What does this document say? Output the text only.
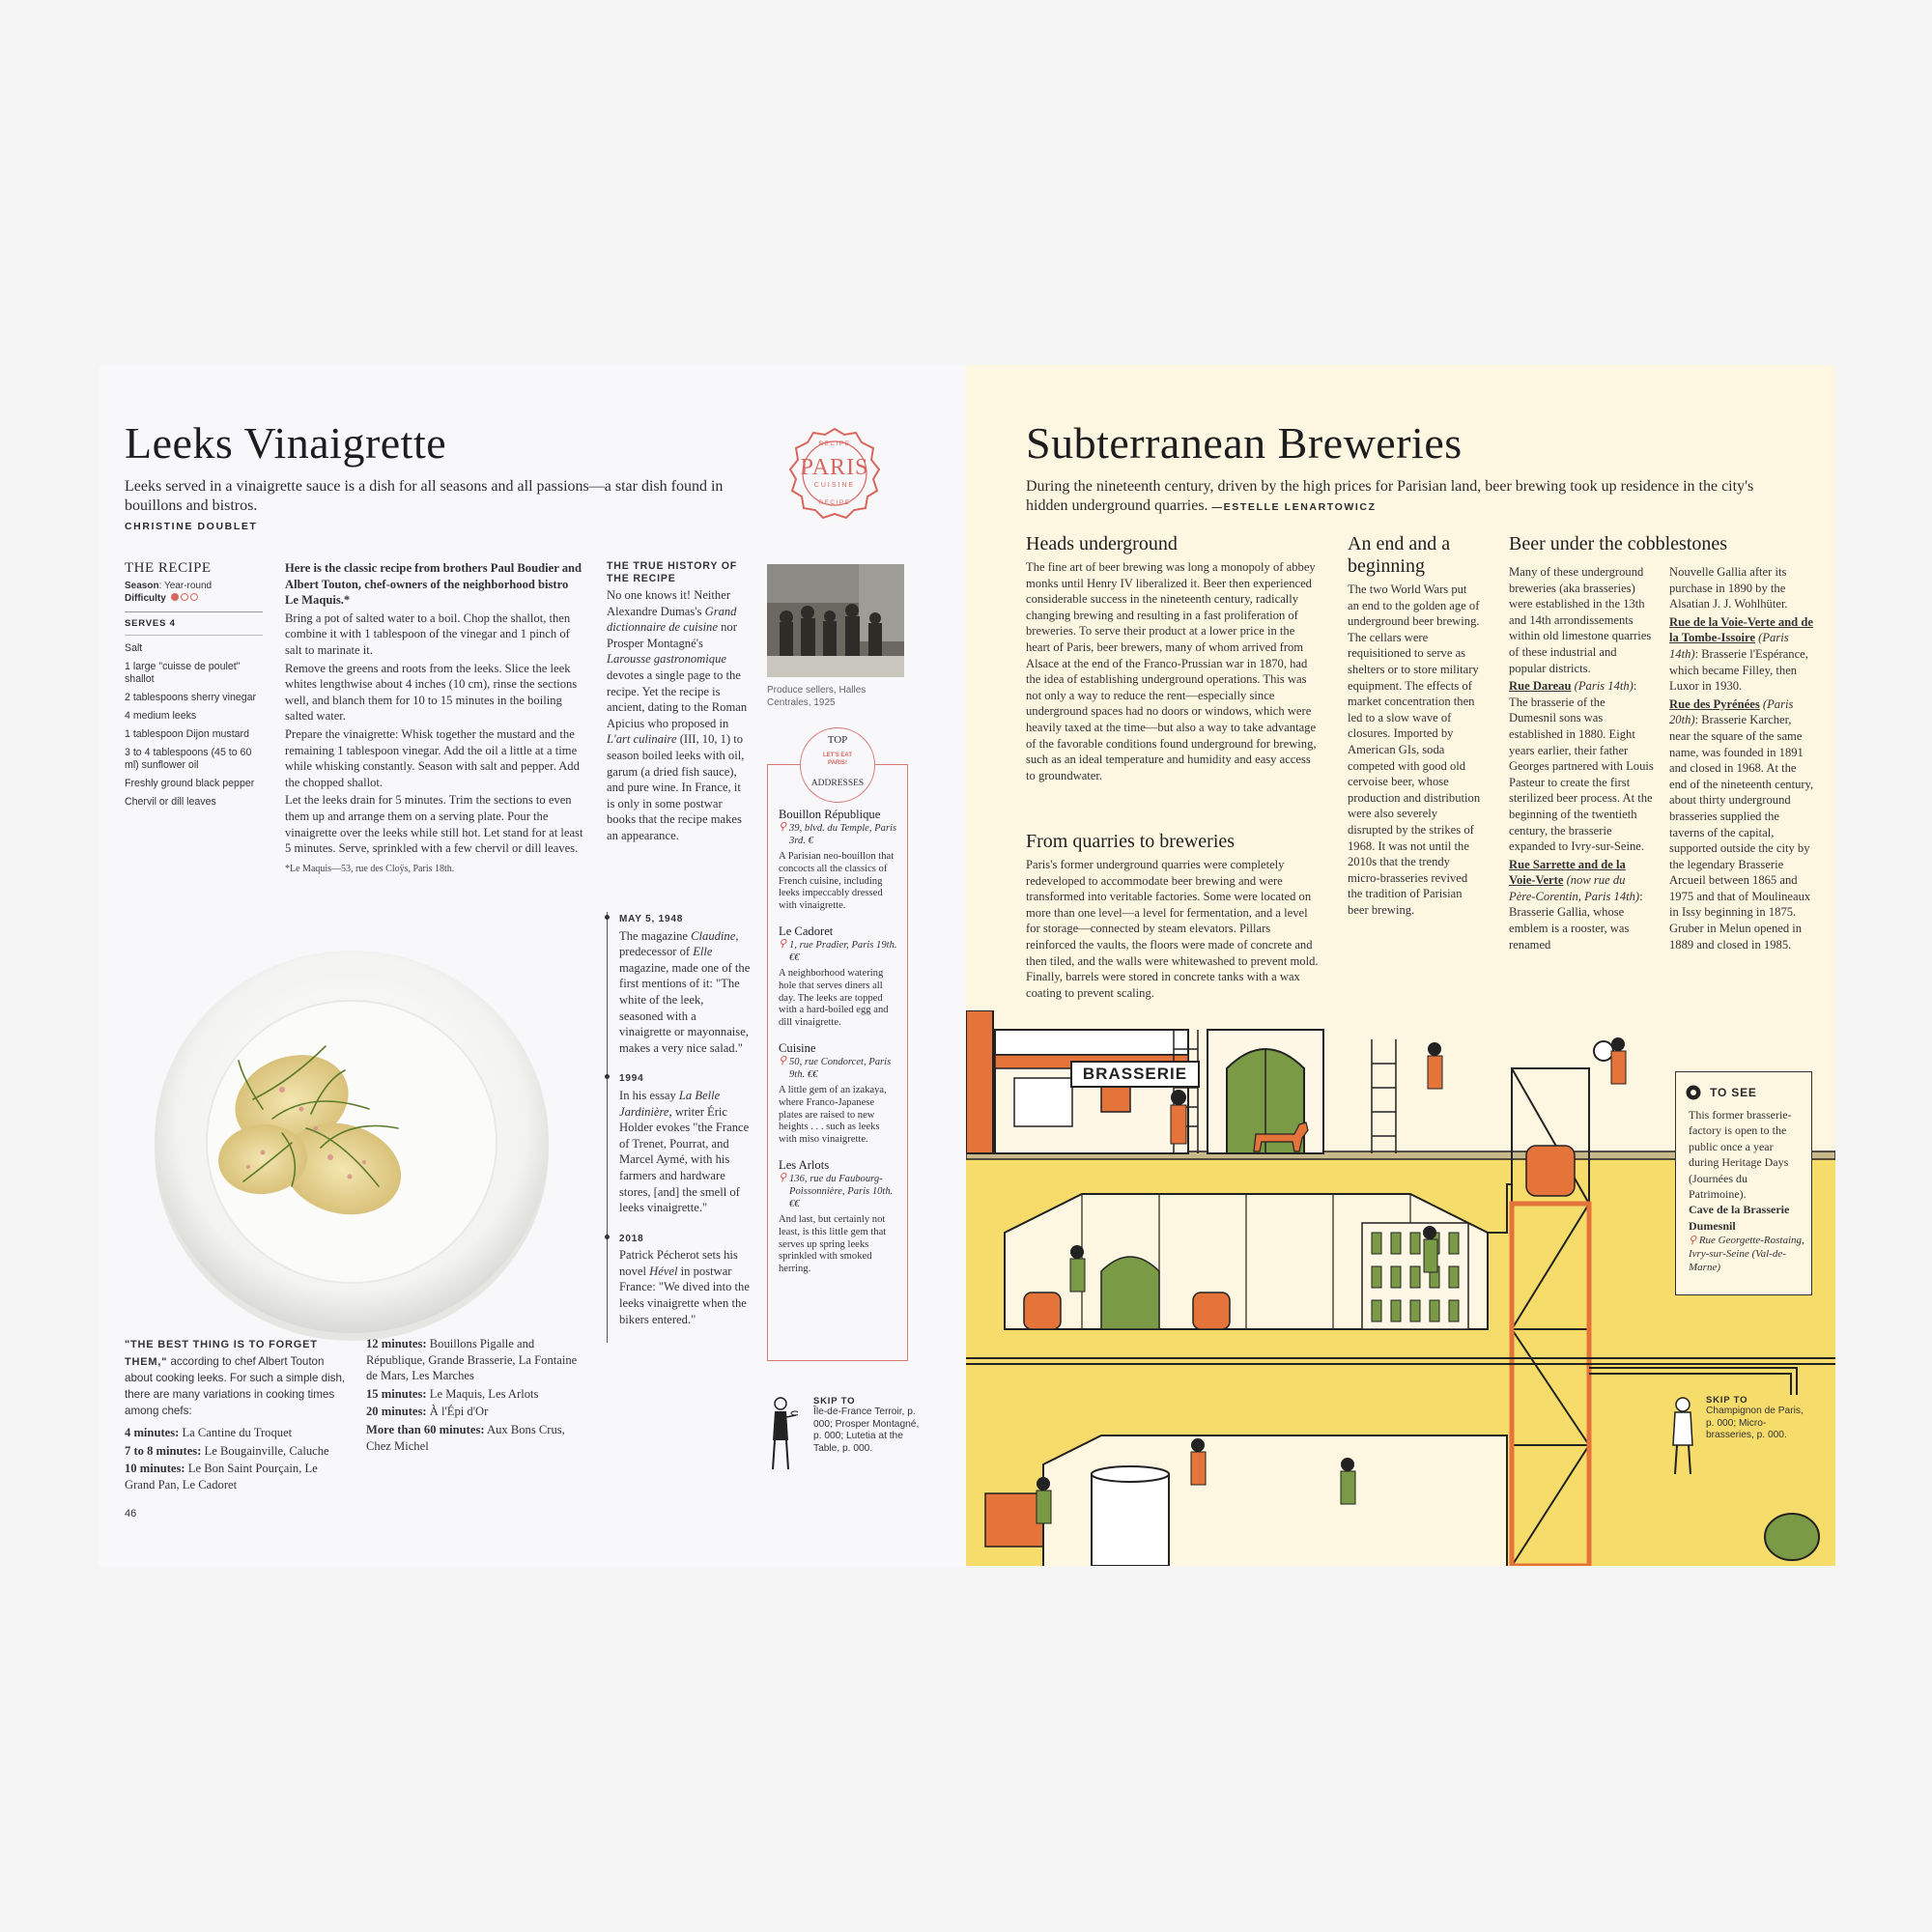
Leeks Vinaigrette
Leeks served in a vinaigrette sauce is a dish for all seasons and all passions—a star dish found in bouillons and bistros.
CHRISTINE DOUBLET
RECIPE
PARIS
CUISINE
RECIPE
THE RECIPE
Season: Year-round
Difficulty
SERVES 4
Salt
1 large "cuisse de poulet" shallot
2 tablespoons sherry vinegar
4 medium leeks
1 tablespoon Dijon mustard
3 to 4 tablespoons (45 to 60 ml) sunflower oil
Freshly ground black pepper
Chervil or dill leaves

Here is the classic recipe from brothers Paul Boudier and Albert Touton, chef-owners of the neighborhood bistro Le Maquis.*

Bring a pot of salted water to a boil. Chop the shallot, then combine it with 1 tablespoon of the vinegar and 1 pinch of salt to marinate it.

Remove the greens and roots from the leeks. Slice the leek whites lengthwise about 4 inches (10 cm), rinse the sections well, and blanch them for 10 to 15 minutes in the boiling salted water.

Prepare the vinaigrette: Whisk together the mustard and the remaining 1 tablespoon vinegar. Add the oil a little at a time while whisking constantly. Season with salt and pepper. Add the chopped shallot.

Let the leeks drain for 5 minutes. Trim the sections to even them up and arrange them on a serving plate. Pour the vinaigrette over the leeks while still hot. Let stand for at least 5 minutes. Serve, sprinkled with a few chervil or dill leaves.

*Le Maquis—53, rue des Cloÿs, Paris 18th.
THE TRUE HISTORY OF THE RECIPE
No one knows it! Neither Alexandre Dumas's Grand dictionnaire de cuisine nor Prosper Montagné's Larousse gastronomique devotes a single page to the recipe. Yet the recipe is ancient, dating to the Roman Apicius who proposed in L'art culinaire (III, 10, 1) to season boiled leeks with oil, garum (a dried fish sauce), and pure wine. In France, it is only in some postwar books that the recipe makes an appearance.
MAY 5, 1948
The magazine Claudine, predecessor of Elle magazine, made one of the first mentions of it: "The white of the leek, seasoned with a vinaigrette or mayonnaise, makes a very nice salad."
1994
In his essay La Belle Jardinière, writer Éric Holder evokes "the France of Trenet, Pourrat, and Marcel Aymé, with his farmers and hardware stores, [and] the smell of leeks vinaigrette."
2018
Patrick Pécherot sets his novel Hével in postwar France: "We dived into the leeks vinaigrette when the bikers entered."
Produce sellers, Halles Centrales, 1925
TOP
LET'S EAT PARIS!
ADDRESSES
Bouillon République
⚲ 39, blvd. du Temple, Paris 3rd. €
A Parisian neo-bouillon that concocts all the classics of French cuisine, including leeks impeccably dressed with vinaigrette.
Le Cadoret
⚲ 1, rue Pradier, Paris 19th. €€
A neighborhood watering hole that serves diners all day. The leeks are topped with a hard-boiled egg and dill vinaigrette.
Cuisine
⚲ 50, rue Condorcet, Paris 9th. €€
A little gem of an izakaya, where Franco-Japanese plates are raised to new heights . . . such as leeks with miso vinaigrette.
Les Arlots
⚲ 136, rue du Faubourg-Poissonnière, Paris 10th. €€
And last, but certainly not least, is this little gem that serves up spring leeks sprinkled with smoked herring.
"THE BEST THING IS TO FORGET THEM," according to chef Albert Touton about cooking leeks. For such a simple dish, there are many variations in cooking times among chefs:
4 minutes: La Cantine du Troquet
7 to 8 minutes: Le Bougainville, Caluche
10 minutes: Le Bon Saint Pourçain, Le Grand Pan, Le Cadoret
12 minutes: Bouillons Pigalle and République, Grande Brasserie, La Fontaine de Mars, Les Marches
15 minutes: Le Maquis, Les Arlots
20 minutes: À l'Épi d'Or
More than 60 minutes: Aux Bons Crus, Chez Michel
SKIP TO
Île-de-France Terroir, p. 000; Prosper Montagné, p. 000; Lutetia at the Table, p. 000.
46
Subterranean Breweries
During the nineteenth century, driven by the high prices for Parisian land, beer brewing took up residence in the city's hidden underground quarries. —ESTELLE LENARTOWICZ
Heads underground
The fine art of beer brewing was long a monopoly of abbey monks until Henry IV liberalized it. Beer then experienced considerable success in the nineteenth century, radically changing brewing and resulting in a fast proliferation of breweries. To serve their product at a lower price in the heart of Paris, beer brewers, many of whom arrived from Alsace at the end of the Franco-Prussian war in 1870, had the idea of establishing underground operations. This was not only a way to reduce the rent—especially since underground spaces had no doors or windows, which were heavily taxed at the time—but also a way to take advantage of the favorable conditions found underground for brewing, such as an ideal temperature and humidity and easy access to groundwater.
From quarries to breweries
Paris's former underground quarries were completely redeveloped to accommodate beer brewing and were transformed into veritable factories. Some were located on more than one level—a level for fermentation, and a level for storage—connected by steam elevators. Pillars reinforced the vaults, the floors were made of concrete and then tiled, and the walls were whitewashed to prevent mold. Finally, barrels were stored in concrete tanks with a wax coating to prevent scaling.
An end and a beginning
The two World Wars put an end to the golden age of underground beer brewing. The cellars were requisitioned to serve as shelters or to store military equipment. The effects of market concentration then led to a slow wave of closures. Imported by American GIs, soda competed with good old cervoise beer, whose production and distribution were also severely disrupted by the strikes of 1968. It was not until the 2010s that the trendy micro-brasseries revived the tradition of Parisian beer brewing.
Beer under the cobblestones

Many of these underground breweries (aka brasseries) were established in the 13th and 14th arrondissements within old limestone quarries of these industrial and popular districts.

Rue Dareau (Paris 14th): The brasserie of the Dumesnil sons was established in 1880. Eight years earlier, their father Georges partnered with Louis Pasteur to create the first sterilized beer process. At the beginning of the twentieth century, the brasserie expanded to Ivry-sur-Seine.

Rue Sarrette and de la Voie-Verte (now rue du Père-Corentin, Paris 14th): Brasserie Gallia, whose emblem is a rooster, was renamed

Nouvelle Gallia after its purchase in 1890 by the Alsatian J. J. Wohlhüter.

Rue de la Voie-Verte and de la Tombe-Issoire (Paris 14th): Brasserie l'Espérance, which became Filley, then Luxor in 1930.

Rue des Pyrénées (Paris 20th): Brasserie Karcher, near the square of the same name, was founded in 1891 and closed in 1968. At the end of the nineteenth century, about thirty underground brasseries supplied the taverns of the capital, supported outside the city by the legendary Brasserie Arcueil between 1865 and 1975 and that of Moulineaux in Issy beginning in 1875. Gruber in Melun opened in 1889 and closed in 1985.

BRASSERIE
TO SEE
This former brasserie-factory is open to the public once a year during Heritage Days (Journées du Patrimoine).
Cave de la Brasserie Dumesnil
⚲ Rue Georgette-Rostaing, Ivry-sur-Seine (Val-de-Marne)
SKIP TO
Champignon de Paris, p. 000; Micro-brasseries, p. 000.
